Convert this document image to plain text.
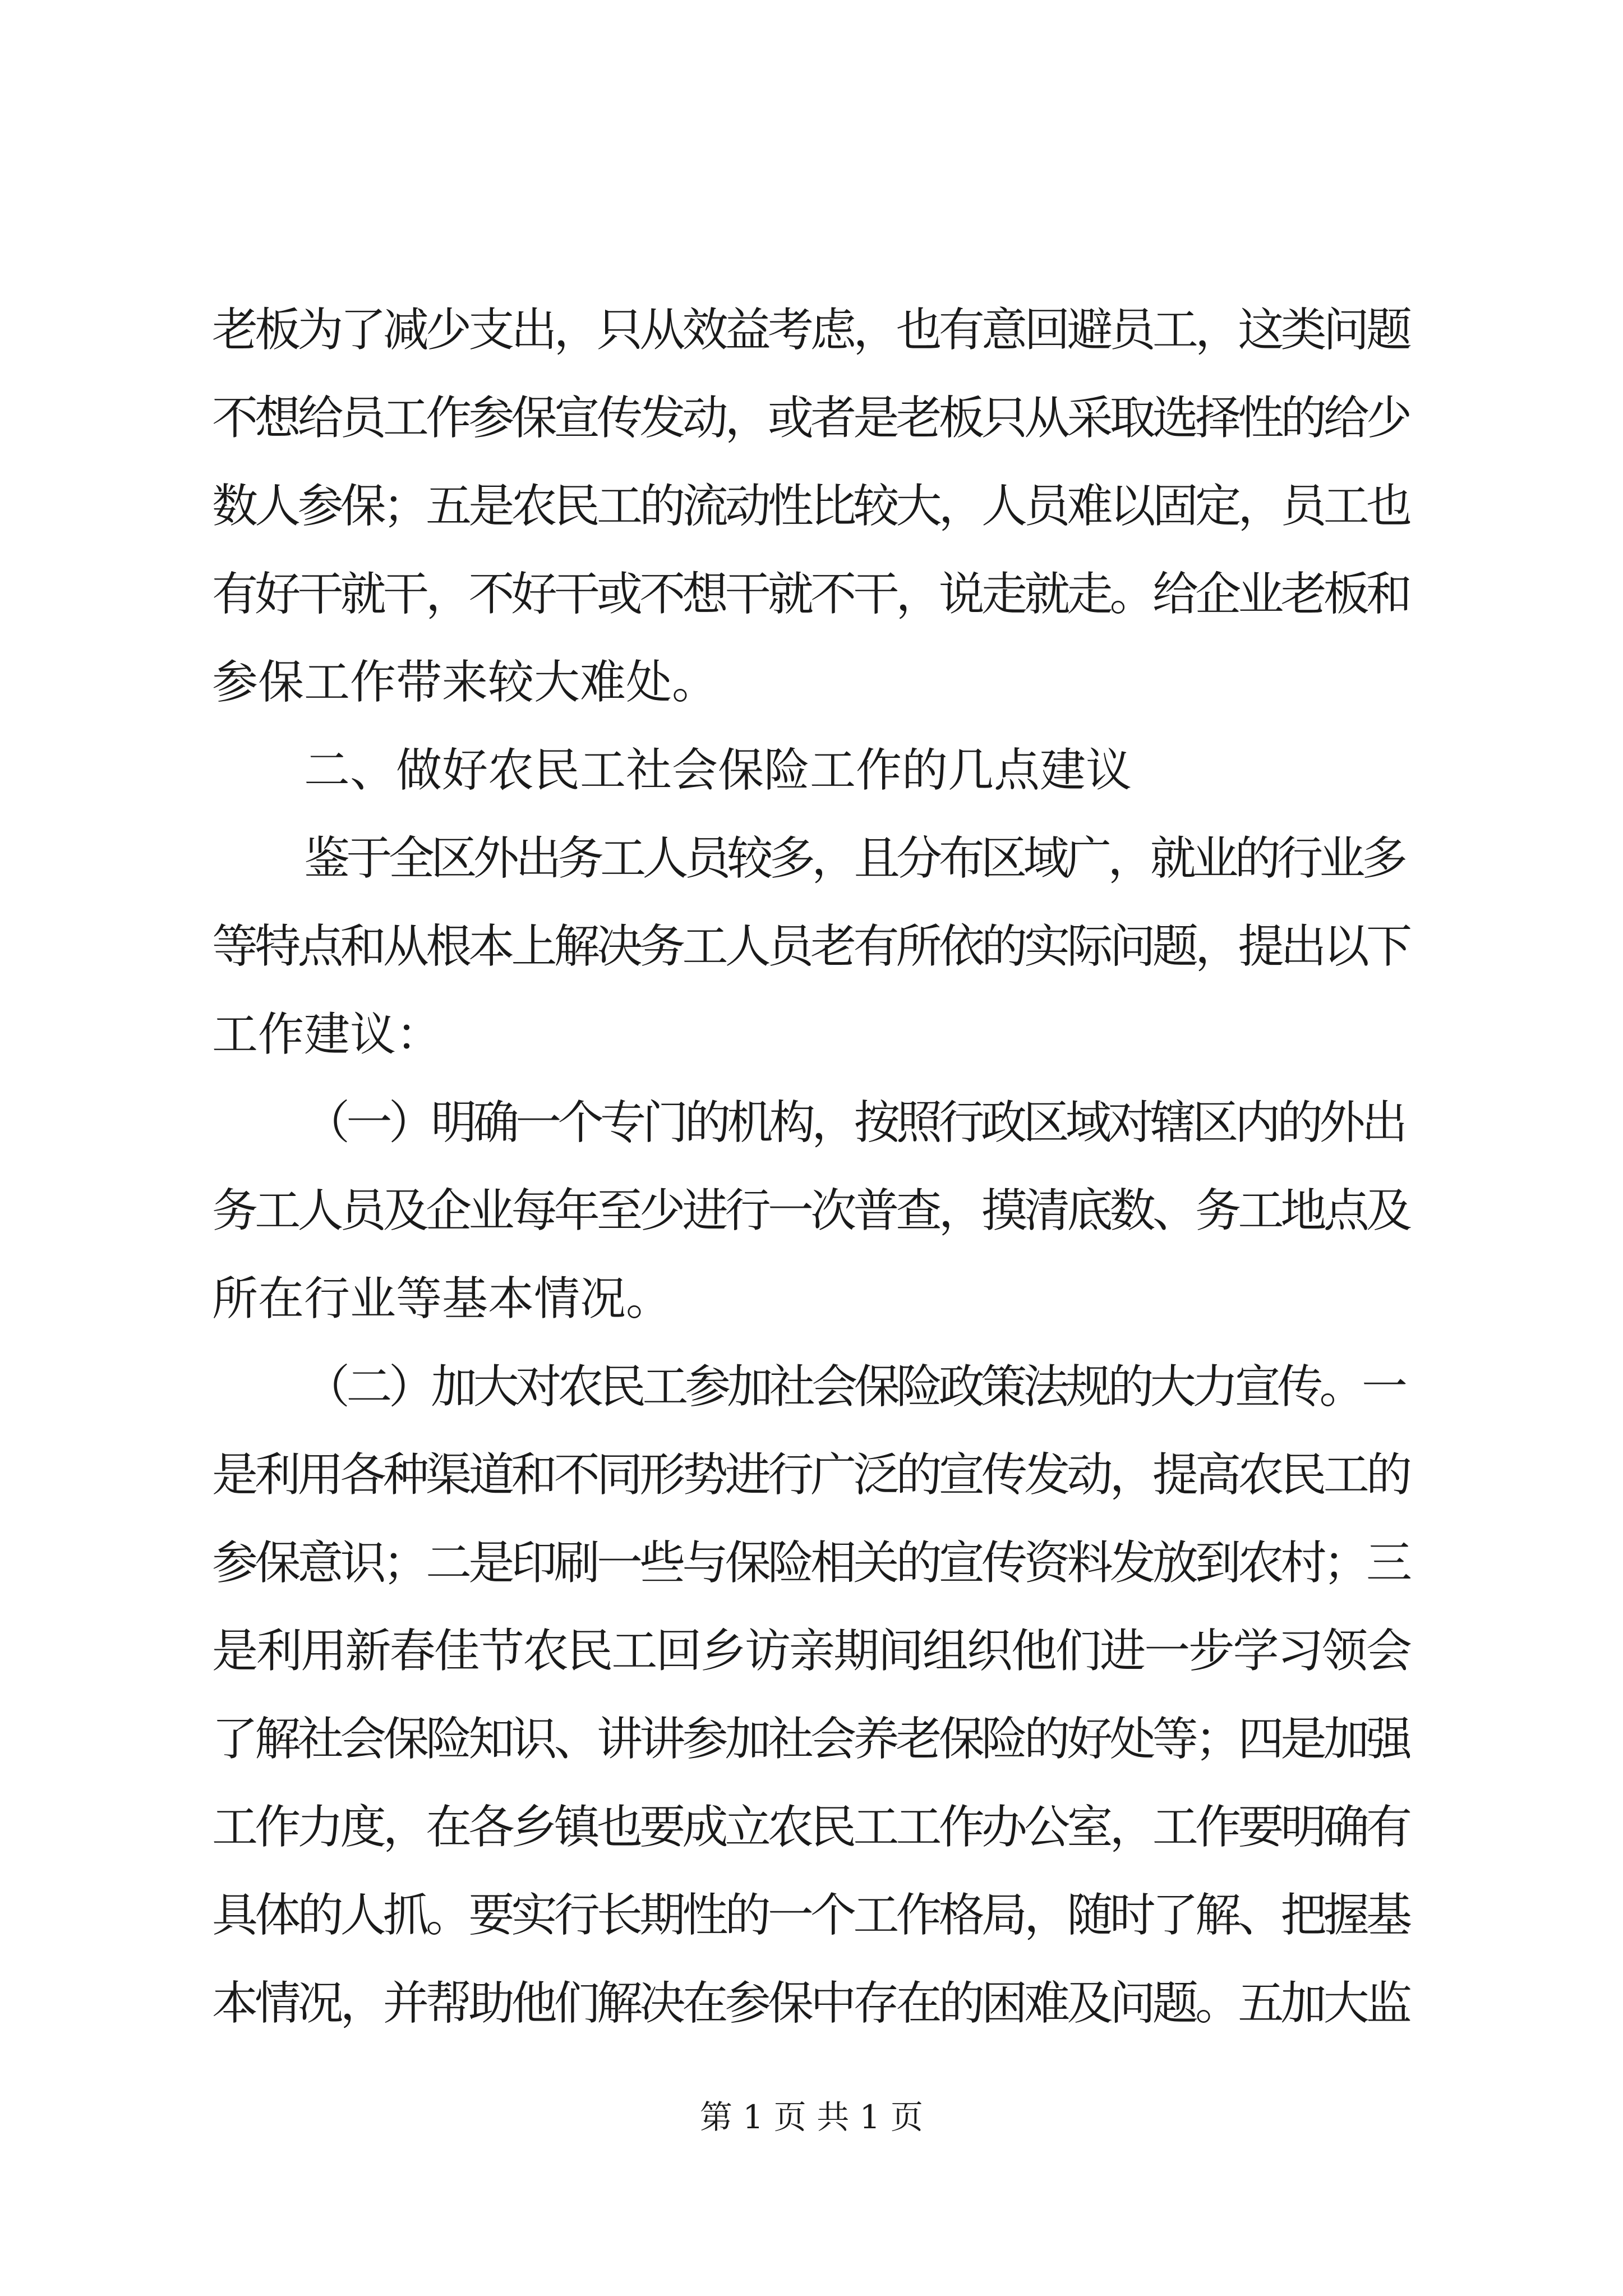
老板为了减少支出，只从效益考虑，也有意回避员工，这类问题
不想给员工作参保宣传发动，或者是老板只从采取选择性的给少
数人参保；五是农民工的流动性比较大，人员难以固定，员工也
有好干就干，不好干或不想干就不干，说走就走。给企业老板和
参保工作带来较大难处。
二、做好农民工社会保险工作的几点建议
鉴于全区外出务工人员较多，且分布区域广，就业的行业多
等特点和从根本上解决务工人员老有所依的实际问题，提出以下
工作建议：
（一）明确一个专门的机构，按照行政区域对辖区内的外出
务工人员及企业每年至少进行一次普查，摸清底数、务工地点及
所在行业等基本情况。
（二）加大对农民工参加社会保险政策法规的大力宣传。一
是利用各种渠道和不同形势进行广泛的宣传发动，提高农民工的
参保意识；二是印刷一些与保险相关的宣传资料发放到农村；三
是利用新春佳节农民工回乡访亲期间组织他们进一步学习领会
了解社会保险知识、讲讲参加社会养老保险的好处等；四是加强
工作力度，在各乡镇也要成立农民工工作办公室，工作要明确有
具体的人抓。要实行长期性的一个工作格局，随时了解、把握基
本情况，并帮助他们解决在参保中存在的困难及问题。五加大监
第 1 页 共 1 页
